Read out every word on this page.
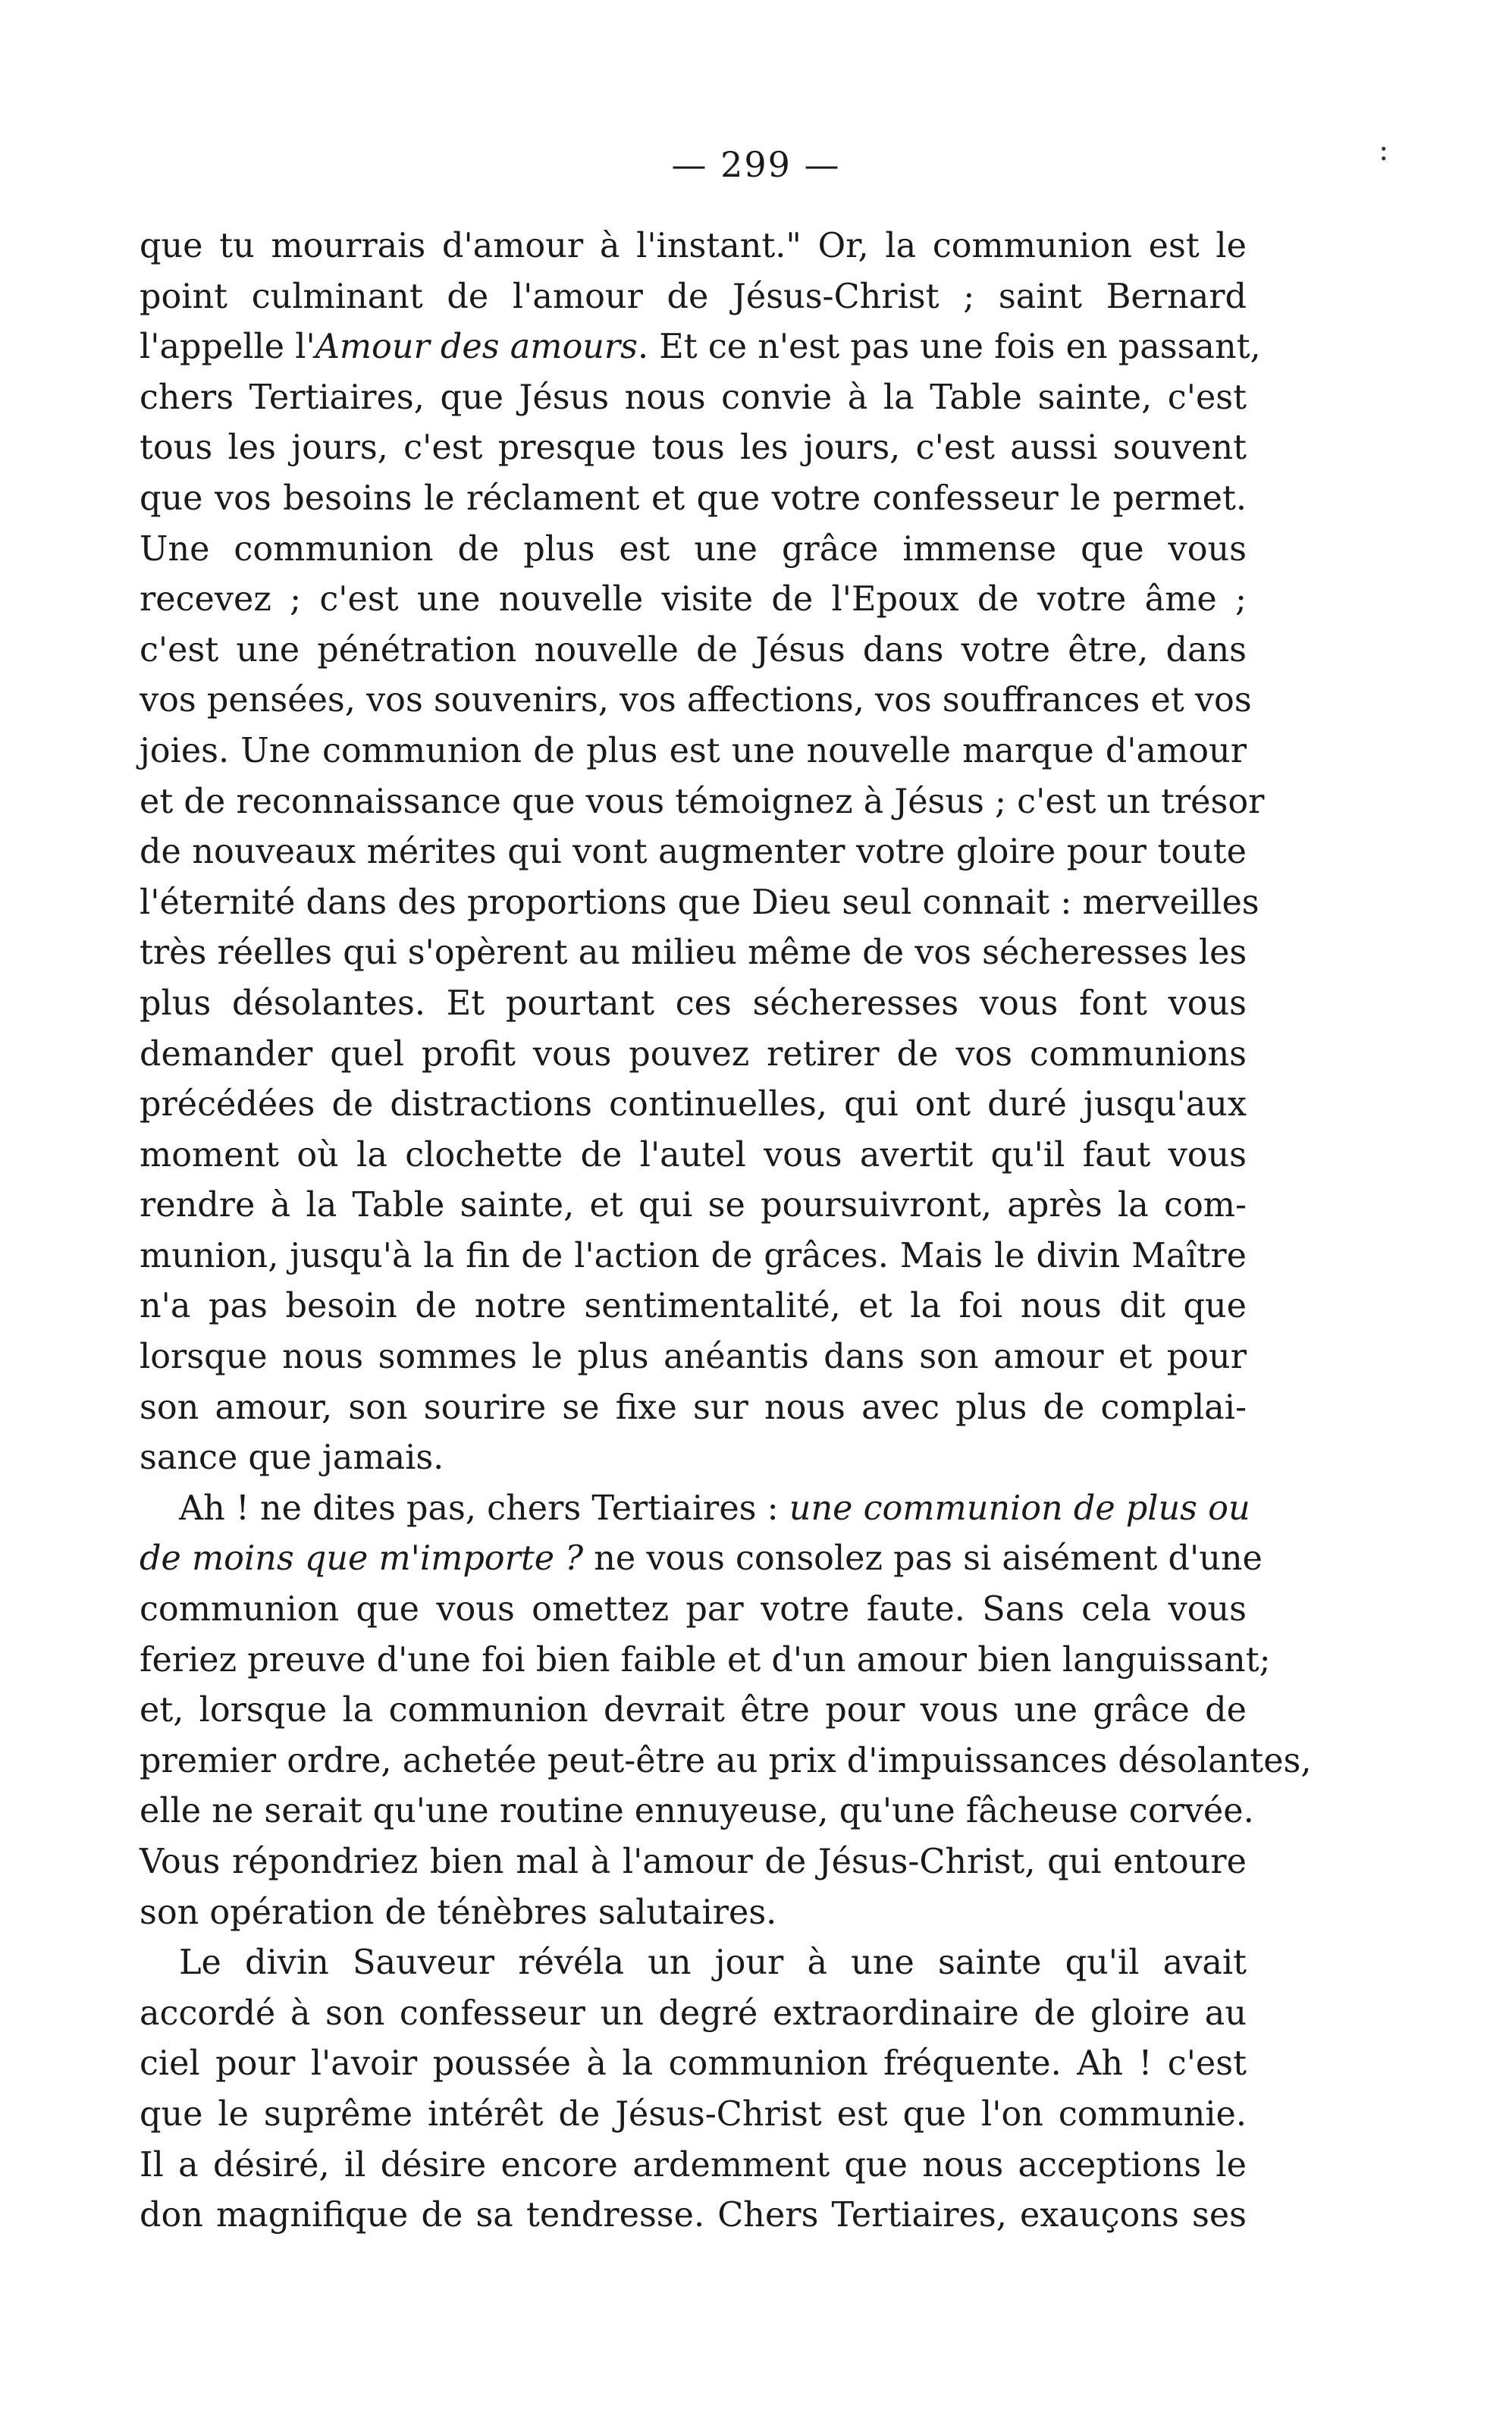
— 299 —	:
que tu mourrais d'amour à l'instant." Or, la communion est le
point culminant de l'amour de Jésus-Christ ; saint Bernard
l'appelle l'Amour des amours. Et ce n'est pas une fois en passant,
chers Tertiaires, que Jésus nous convie à la Table sainte, c'est
tous les jours, c'est presque tous les jours, c'est aussi souvent
que vos besoins le réclament et que votre confesseur le permet.
Une communion de plus est une grâce immense que vous
recevez ; c'est une nouvelle visite de l'Epoux de votre âme ;
c'est une pénétration nouvelle de Jésus dans votre être, dans
vos pensées, vos souvenirs, vos affections, vos souffrances et vos
joies. Une communion de plus est une nouvelle marque d'amour
et de reconnaissance que vous témoignez à Jésus ; c'est un trésor
de nouveaux mérites qui vont augmenter votre gloire pour toute
l'éternité dans des proportions que Dieu seul connait : merveilles
très réelles qui s'opèrent au milieu même de vos sécheresses les
plus désolantes. Et pourtant ces sécheresses vous font vous
demander quel profit vous pouvez retirer de vos communions
précédées de distractions continuelles, qui ont duré jusqu'aux
moment où la clochette de l'autel vous avertit qu'il faut vous
rendre à la Table sainte, et qui se poursuivront, après la com-
munion, jusqu'à la fin de l'action de grâces. Mais le divin Maître
n'a pas besoin de notre sentimentalité, et la foi nous dit que
lorsque nous sommes le plus anéantis dans son amour et pour
son amour, son sourire se fixe sur nous avec plus de complai-
sance que jamais.
Ah ! ne dites pas, chers Tertiaires : une communion de plus ou
de moins que m'importe ? ne vous consolez pas si aisément d'une
communion que vous omettez par votre faute. Sans cela vous
feriez preuve d'une foi bien faible et d'un amour bien languissant;
et, lorsque la communion devrait être pour vous une grâce de
premier ordre, achetée peut-être au prix d'impuissances désolantes,
elle ne serait qu'une routine ennuyeuse, qu'une fâcheuse corvée.
Vous répondriez bien mal à l'amour de Jésus-Christ, qui entoure
son opération de ténèbres salutaires.
Le divin Sauveur révéla un jour à une sainte qu'il avait
accordé à son confesseur un degré extraordinaire de gloire au
ciel pour l'avoir poussée à la communion fréquente. Ah ! c'est
que le suprême intérêt de Jésus-Christ est que l'on communie.
Il a désiré, il désire encore ardemment que nous acceptions le
don magnifique de sa tendresse. Chers Tertiaires, exauçons ses
